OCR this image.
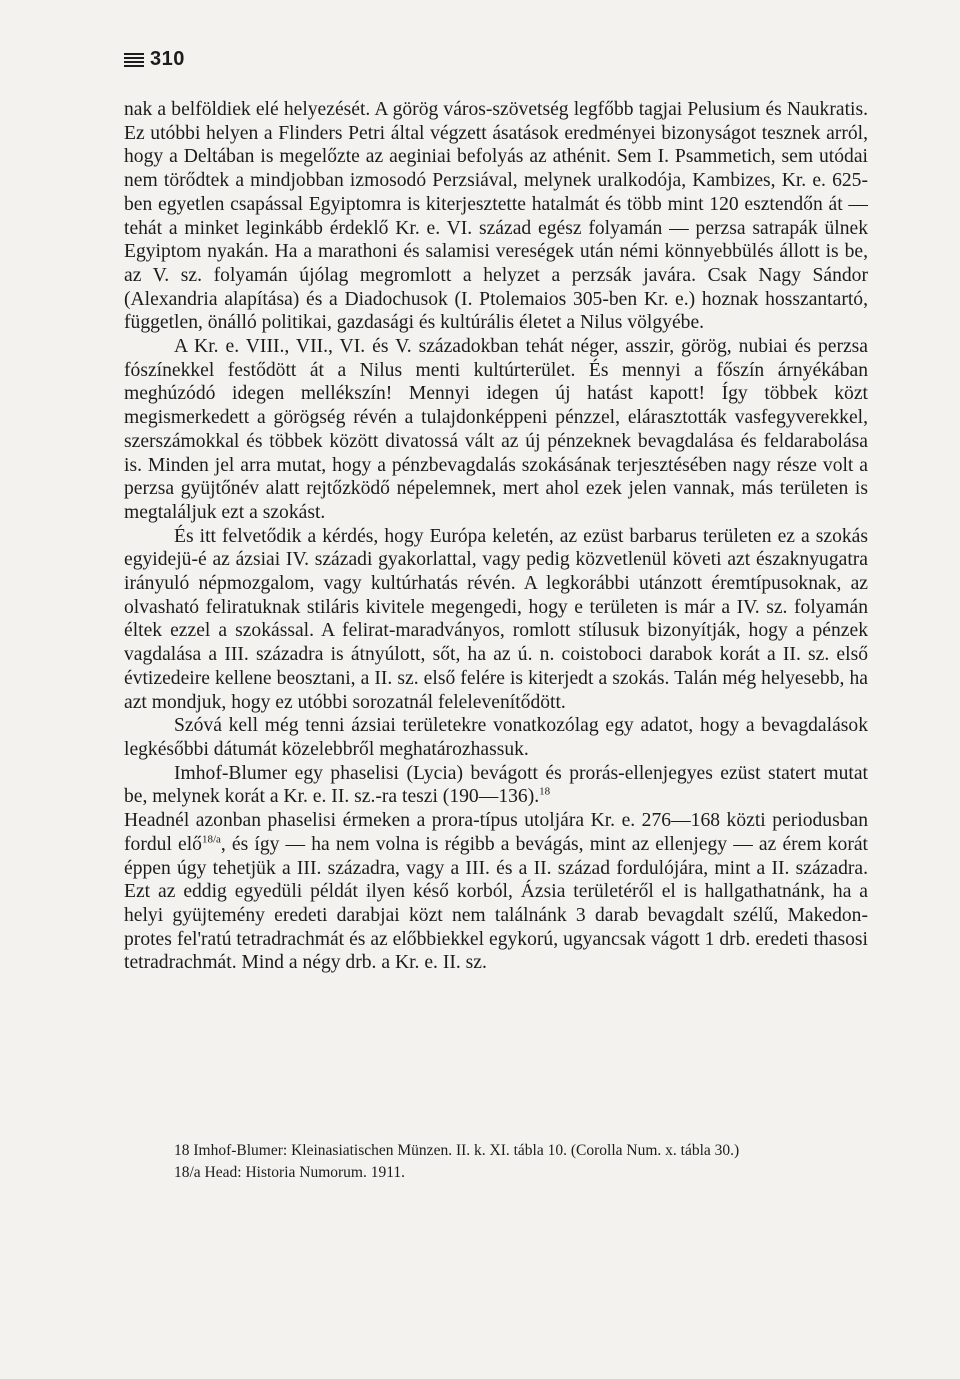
310

nak a belföldiek elé helyezését. A görög város-szövetség legfőbb tagjai Pelusium és Naukratis. Ez utóbbi helyen a Flinders Petri által végzett ásatások eredményei bizonyságot tesznek arról, hogy a Deltában is megelőzte az aeginiai befolyás az athénit. Sem I. Psammetich, sem utódai nem törődtek a mindjobban izmosodó Perzsiával, melynek uralkodója, Kambizes, Kr. e. 625-ben egyetlen csapással Egyiptomra is kiterjesztette hatalmát és több mint 120 esztendőn át — tehát a minket leginkább érdeklő Kr. e. VI. század egész folyamán — perzsa satrapák ülnek Egyiptom nyakán. Ha a marathoni és salamisi vereségek után némi könnyebbülés állott is be, az V. sz. folyamán újólag megromlott a helyzet a perzsák javára. Csak Nagy Sándor (Alexandria alapítása) és a Diadochusok (I. Ptolemaios 305-ben Kr. e.) hoznak hosszantartó, független, önálló politikai, gazdasági és kultúrális életet a Nilus völgyébe.

A Kr. e. VIII., VII., VI. és V. századokban tehát néger, asszir, görög, nubiai és perzsa fószínekkel festődött át a Nilus menti kultúrterület. És mennyi a főszín árnyékában meghúzódó idegen mellékszín! Mennyi idegen új hatást kapott! Így többek közt megismerkedett a görögség révén a tulajdonképpeni pénzzel, elárasztották vasfegyverekkel, szerszámokkal és többek között divatossá vált az új pénzeknek bevagdalása és feldarabolása is. Minden jel arra mutat, hogy a pénzbevagdalás szokásának terjesztésében nagy része volt a perzsa gyüjtőnév alatt rejtőzködő népelemnek, mert ahol ezek jelen vannak, más területen is megtaláljuk ezt a szokást.

És itt felvetődik a kérdés, hogy Európa keletén, az ezüst barbarus területen ez a szokás egyidejü-é az ázsiai IV. századi gyakorlattal, vagy pedig közvetlenül követi azt északnyugatra irányuló népmozgalom, vagy kultúrhatás révén. A legkorábbi utánzott éremtípusoknak, az olvasható feliratuknak stiláris kivitele megengedi, hogy e területen is már a IV. sz. folyamán éltek ezzel a szokással. A felirat-maradványos, romlott stílusuk bizonyítják, hogy a pénzek vagdalása a III. századra is átnyúlott, sőt, ha az ú. n. coistoboci darabok korát a II. sz. első évtizedeire kellene beosztani, a II. sz. első felére is kiterjedt a szokás. Talán még helyesebb, ha azt mondjuk, hogy ez utóbbi sorozatnál felelevenítődött.

Szóvá kell még tenni ázsiai területekre vonatkozólag egy adatot, hogy a bevagdalások legkésőbbi dátumát közelebbről meghatározhassuk.

Imhof-Blumer egy phaselisi (Lycia) bevágott és prorás-ellenjegyes ezüst statert mutat be, melynek korát a Kr. e. II. sz.-ra teszi (190—136).$^{18}$

Headnél azonban phaselisi érmeken a prora-típus utoljára Kr. e. 276—168 közti periodusban fordul elő$^{18/a}$, és így — ha nem volna is régibb a bevágás, mint az ellenjegy — az érem korát éppen úgy tehetjük a III. századra, vagy a III. és a II. század fordulójára, mint a II. századra. Ezt az eddig egyedüli példát ilyen késő korból, Ázsia területéről el is hallgathatnánk, ha a helyi gyüjtemény eredeti darabjai közt nem találnánk 3 darab bevagdalt szélű, Makedon-protes fel'ratú tetradrachmát és az előbbiekkel egykorú, ugyancsak vágott 1 drb. eredeti thasosi tetradrachmát. Mind a négy drb. a Kr. e. II. sz.

18 Imhof-Blumer: Kleinasiatischen Münzen. II. k. XI. tábla 10. (Corolla Num. x. tábla 30.)

18/a Head: Historia Numorum. 1911.
